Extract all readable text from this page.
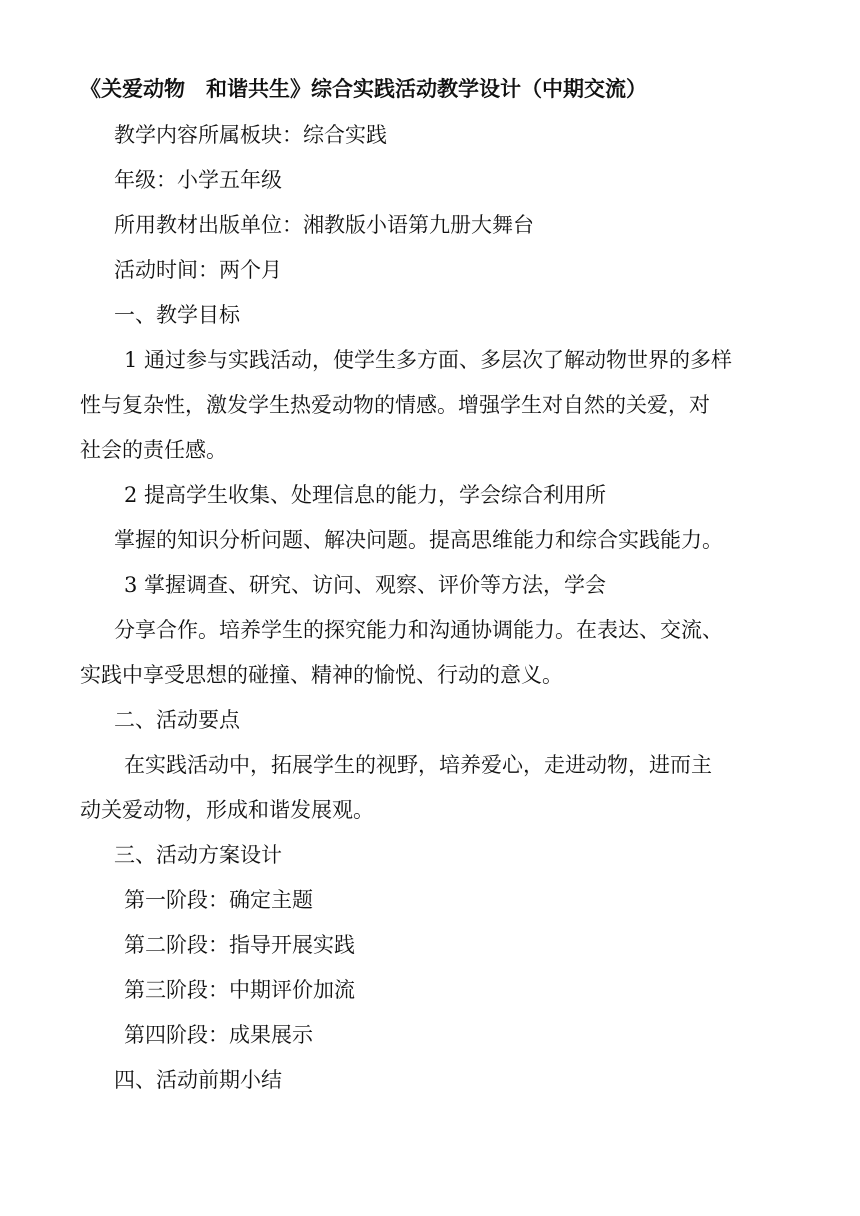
《关爱动物　和谐共生》综合实践活动教学设计（中期交流）
教学内容所属板块：综合实践
年级：小学五年级
所用教材出版单位：湘教版小语第九册大舞台
活动时间：两个月
一、教学目标
1 通过参与实践活动，使学生多方面、多层次了解动物世界的多样
性与复杂性，激发学生热爱动物的情感。增强学生对自然的关爱，对
社会的责任感。
2 提高学生收集、处理信息的能力，学会综合利用所
掌握的知识分析问题、解决问题。提高思维能力和综合实践能力。
3 掌握调查、研究、访问、观察、评价等方法，学会
分享合作。培养学生的探究能力和沟通协调能力。在表达、交流、
实践中享受思想的碰撞、精神的愉悦、行动的意义。
二、活动要点
在实践活动中，拓展学生的视野，培养爱心，走进动物，进而主
动关爱动物，形成和谐发展观。
三、活动方案设计
第一阶段：确定主题
第二阶段：指导开展实践
第三阶段：中期评价加流
第四阶段：成果展示
四、活动前期小结
